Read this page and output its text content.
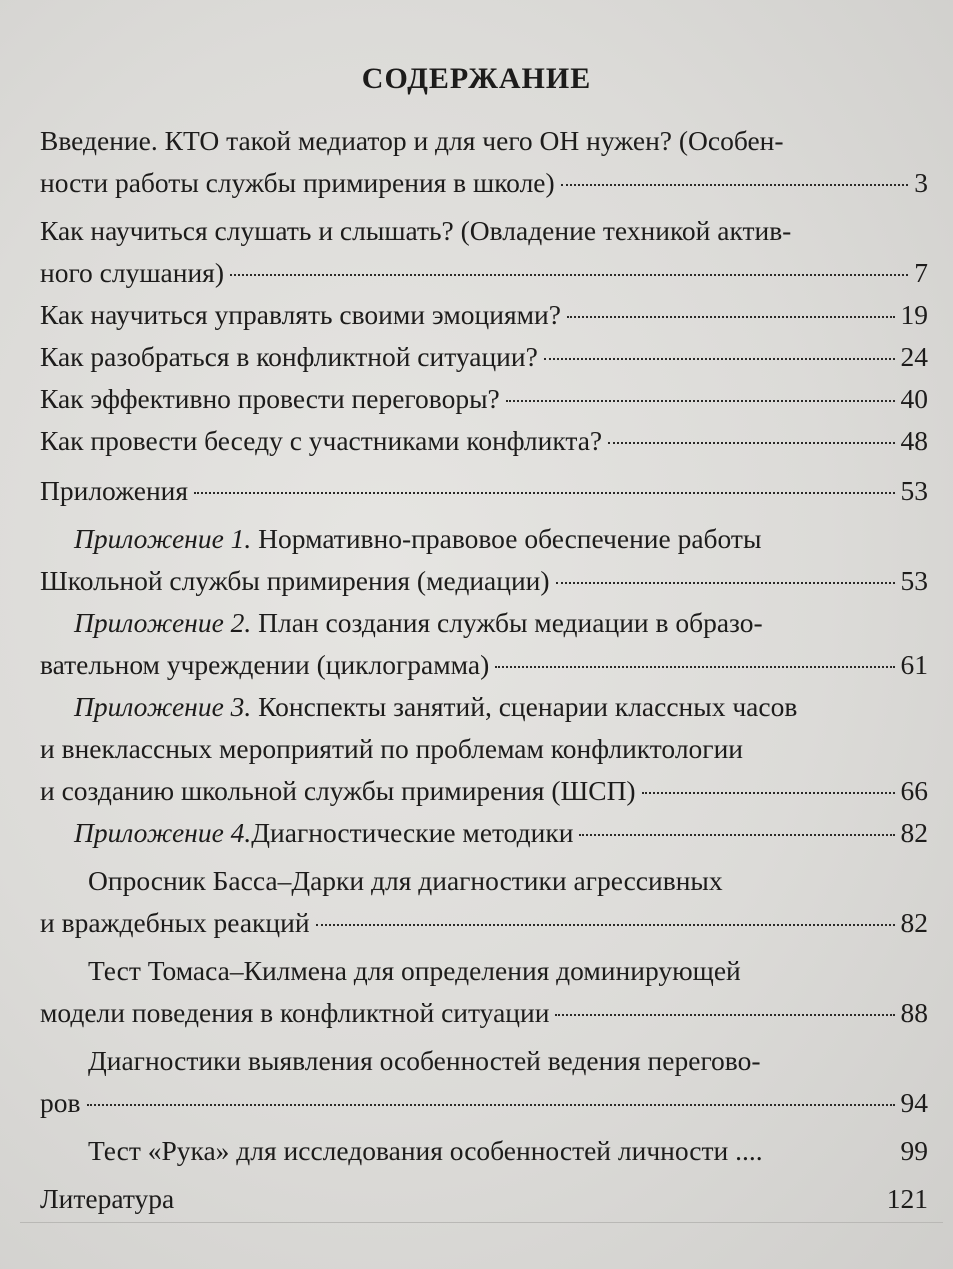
СОДЕРЖАНИЕ
Введение. КТО такой медиатор и для чего ОН нужен? (Особен-
ности работы службы примирения в школе)	3
Как научиться слушать и слышать? (Овладение техникой актив-
ного слушания)	7
Как научиться управлять своими эмоциями?	19
Как разобраться в конфликтной ситуации?	24
Как эффективно провести переговоры?	40
Как провести беседу с участниками конфликта?	48
Приложения	53
Приложение 1. Нормативно-правовое обеспечение работы
Школьной службы примирения (медиации)	53
Приложение 2. План создания службы медиации в образо-
вательном учреждении (циклограмма)	61
Приложение 3. Конспекты занятий, сценарии классных часов
и внеклассных мероприятий по проблемам конфликтологии
и созданию школьной службы примирения (ШСП)	66
Приложение 4. Диагностические методики	82
Опросник Басса–Дарки для диагностики агрессивных
и враждебных реакций	82
Тест Томаса–Килмена для определения доминирующей
модели поведения в конфликтной ситуации	88
Диагностики выявления особенностей ведения перегово-
ров	94
Тест «Рука» для исследования особенностей личности ....	99
Литература	121
